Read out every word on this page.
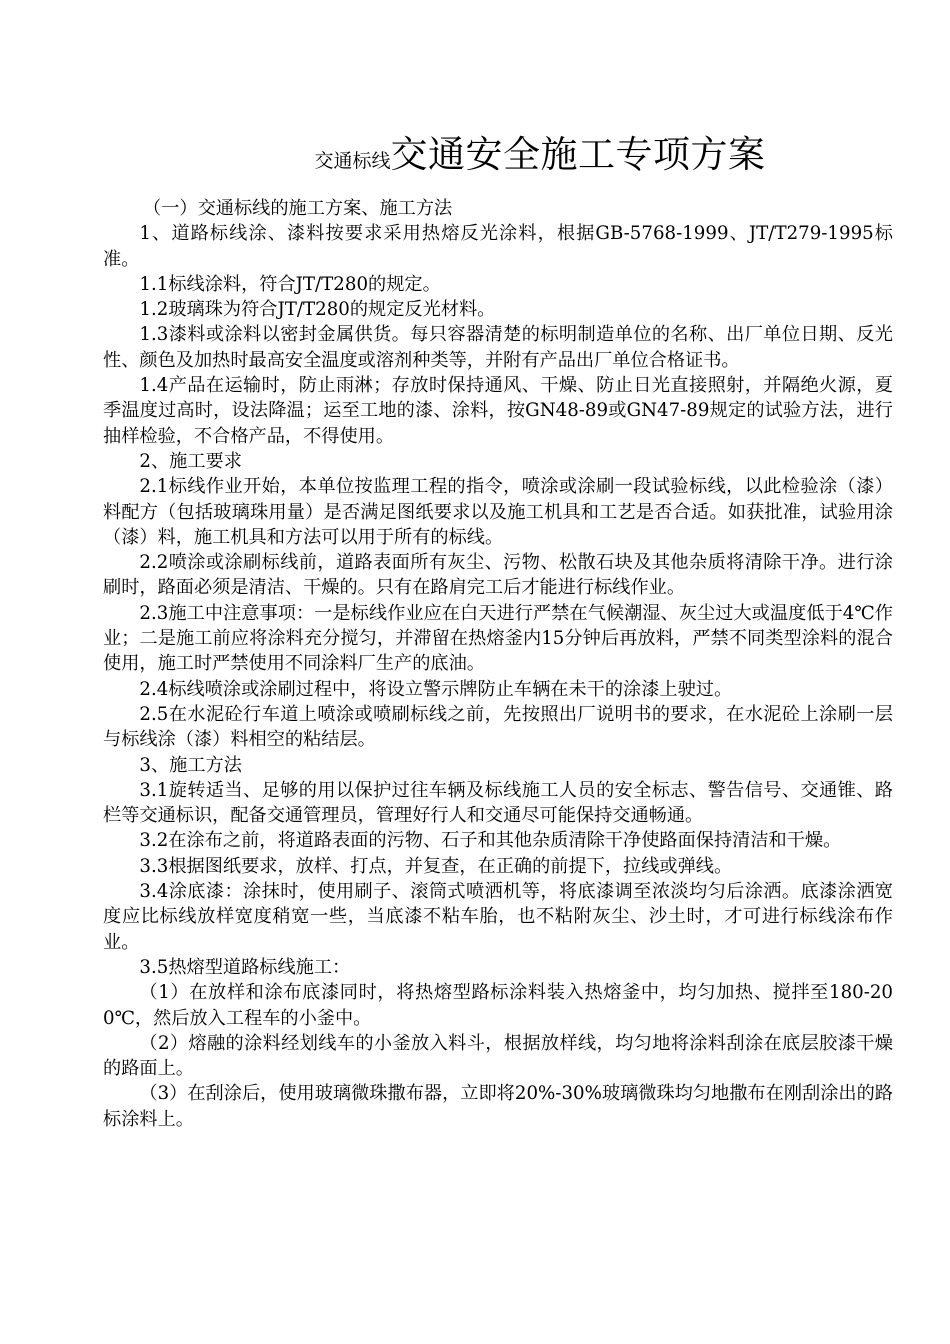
交通标线交通安全施工专项方案

（一）交通标线的施工方案、施工方法

1、道路标线涂、漆料按要求采用热熔反光涂料，根据GB-5768-1999、JT/T279-1995标准。

1.1标线涂料，符合JT/T280的规定。

1.2玻璃珠为符合JT/T280的规定反光材料。

1.3漆料或涂料以密封金属供货。每只容器清楚的标明制造单位的名称、出厂单位日期、反光性、颜色及加热时最高安全温度或溶剂种类等，并附有产品出厂单位合格证书。

1.4产品在运输时，防止雨淋；存放时保持通风、干燥、防止日光直接照射，并隔绝火源，夏季温度过高时，设法降温；运至工地的漆、涂料，按GN48-89或GN47-89规定的试验方法，进行抽样检验，不合格产品，不得使用。

2、施工要求

2.1标线作业开始，本单位按监理工程的指令，喷涂或涂刷一段试验标线，以此检验涂（漆）料配方（包括玻璃珠用量）是否满足图纸要求以及施工机具和工艺是否合适。如获批准，试验用涂（漆）料，施工机具和方法可以用于所有的标线。

2.2喷涂或涂刷标线前，道路表面所有灰尘、污物、松散石块及其他杂质将清除干净。进行涂刷时，路面必须是清洁、干燥的。只有在路肩完工后才能进行标线作业。

2.3施工中注意事项：一是标线作业应在白天进行严禁在气候潮湿、灰尘过大或温度低于4℃作业；二是施工前应将涂料充分搅匀，并滞留在热熔釜内15分钟后再放料，严禁不同类型涂料的混合使用，施工时严禁使用不同涂料厂生产的底油。

2.4标线喷涂或涂刷过程中，将设立警示牌防止车辆在未干的涂漆上驶过。

2.5在水泥砼行车道上喷涂或喷刷标线之前，先按照出厂说明书的要求，在水泥砼上涂刷一层与标线涂（漆）料相空的粘结层。

3、施工方法

3.1旋转适当、足够的用以保护过往车辆及标线施工人员的安全标志、警告信号、交通锥、路栏等交通标识，配备交通管理员，管理好行人和交通尽可能保持交通畅通。

3.2在涂布之前，将道路表面的污物、石子和其他杂质清除干净使路面保持清洁和干燥。

3.3根据图纸要求，放样、打点，并复查，在正确的前提下，拉线或弹线。

3.4涂底漆：涂抹时，使用刷子、滚筒式喷洒机等，将底漆调至浓淡均匀后涂洒。底漆涂洒宽度应比标线放样宽度稍宽一些，当底漆不粘车胎，也不粘附灰尘、沙土时，才可进行标线涂布作业。

3.5热熔型道路标线施工：

（1）在放样和涂布底漆同时，将热熔型路标涂料装入热熔釜中，均匀加热、搅拌至180-200℃，然后放入工程车的小釜中。

（2）熔融的涂料经划线车的小釜放入料斗，根据放样线，均匀地将涂料刮涂在底层胶漆干燥的路面上。

（3）在刮涂后，使用玻璃微珠撒布器，立即将20%-30%玻璃微珠均匀地撒布在刚刮涂出的路标涂料上。
